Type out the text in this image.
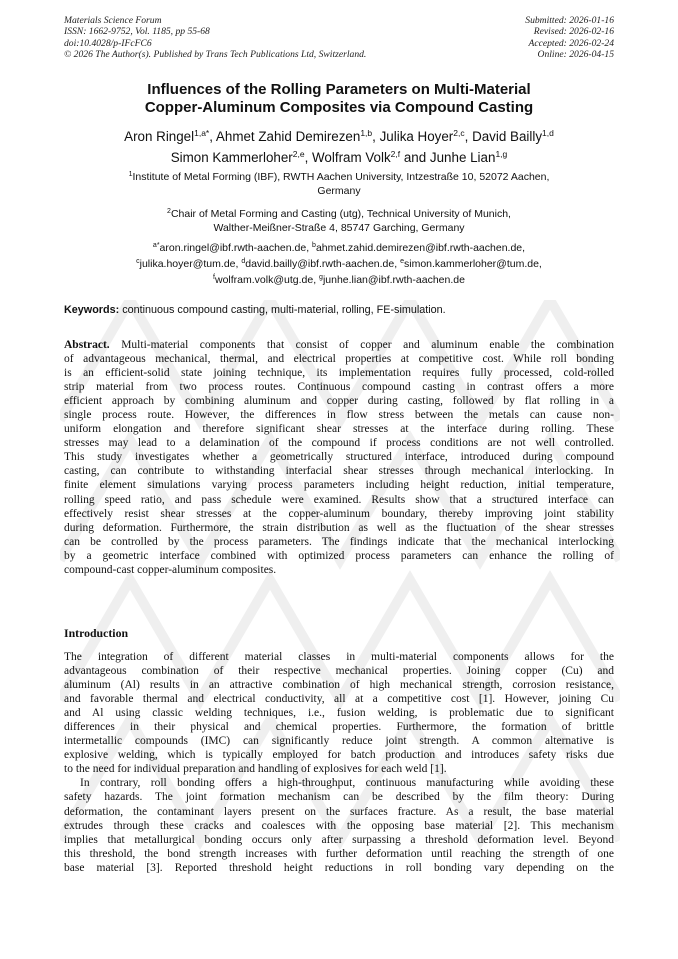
Materials Science Forum
ISSN: 1662-9752, Vol. 1185, pp 55-68
doi:10.4028/p-IFcFC6
© 2026 The Author(s). Published by Trans Tech Publications Ltd, Switzerland.
Submitted: 2026-01-16
Revised: 2026-02-16
Accepted: 2026-02-24
Online: 2026-04-15
Influences of the Rolling Parameters on Multi-Material
Copper-Aluminum Composites via Compound Casting
Aron Ringel$^{1,a*}$, Ahmet Zahid Demirezen$^{1,b}$, Julika Hoyer$^{2,c}$, David Bailly$^{1,d}$
Simon Kammerloher$^{2,e}$, Wolfram Volk$^{2,f}$ and Junhe Lian$^{1,g}$
$^1$Institute of Metal Forming (IBF), RWTH Aachen University, Intzestraße 10, 52072 Aachen,
Germany
$^2$Chair of Metal Forming and Casting (utg), Technical University of Munich,
Walther-Meißner-Straße 4, 85747 Garching, Germany
$^{a*}$aron.ringel@ibf.rwth-aachen.de, $^b$ahmet.zahid.demirezen@ibf.rwth-aachen.de,
$^c$julika.hoyer@tum.de, $^d$david.bailly@ibf.rwth-aachen.de, $^e$simon.kammerloher@tum.de,
$^f$wolfram.volk@utg.de, $^g$junhe.lian@ibf.rwth-aachen.de
Keywords: continuous compound casting, multi-material, rolling, FE-simulation.
Abstract. Multi-material components that consist of copper and aluminum enable the combination
of advantageous mechanical, thermal, and electrical properties at competitive cost. While roll bonding
is an efficient-solid state joining technique, its implementation requires fully processed, cold-rolled
strip material from two process routes. Continuous compound casting in contrast offers a more
efficient approach by combining aluminum and copper during casting, followed by flat rolling in a
single process route. However, the differences in flow stress between the metals can cause non-
uniform elongation and therefore significant shear stresses at the interface during rolling. These
stresses may lead to a delamination of the compound if process conditions are not well controlled.
This study investigates whether a geometrically structured interface, introduced during compound
casting, can contribute to withstanding interfacial shear stresses through mechanical interlocking. In
finite element simulations varying process parameters including height reduction, initial temperature,
rolling speed ratio, and pass schedule were examined. Results show that a structured interface can
effectively resist shear stresses at the copper-aluminum boundary, thereby improving joint stability
during deformation. Furthermore, the strain distribution as well as the fluctuation of the shear stresses
can be controlled by the process parameters. The findings indicate that the mechanical interlocking
by a geometric interface combined with optimized process parameters can enhance the rolling of
compound-cast copper-aluminum composites.
Introduction
The integration of different material classes in multi-material components allows for the
advantageous combination of their respective mechanical properties. Joining copper (Cu) and
aluminum (Al) results in an attractive combination of high mechanical strength, corrosion resistance,
and favorable thermal and electrical conductivity, all at a competitive cost [1]. However, joining Cu
and Al using classic welding techniques, i.e., fusion welding, is problematic due to significant
differences in their physical and chemical properties. Furthermore, the formation of brittle
intermetallic compounds (IMC) can significantly reduce joint strength. A common alternative is
explosive welding, which is typically employed for batch production and introduces safety risks due
to the need for individual preparation and handling of explosives for each weld [1].
In contrary, roll bonding offers a high-throughput, continuous manufacturing while avoiding these
safety hazards. The joint formation mechanism can be described by the film theory: During
deformation, the contaminant layers present on the surfaces fracture. As a result, the base material
extrudes through these cracks and coalesces with the opposing base material [2]. This mechanism
implies that metallurgical bonding occurs only after surpassing a threshold deformation level. Beyond
this threshold, the bond strength increases with further deformation until reaching the strength of one
base material [3]. Reported threshold height reductions in roll bonding vary depending on the
